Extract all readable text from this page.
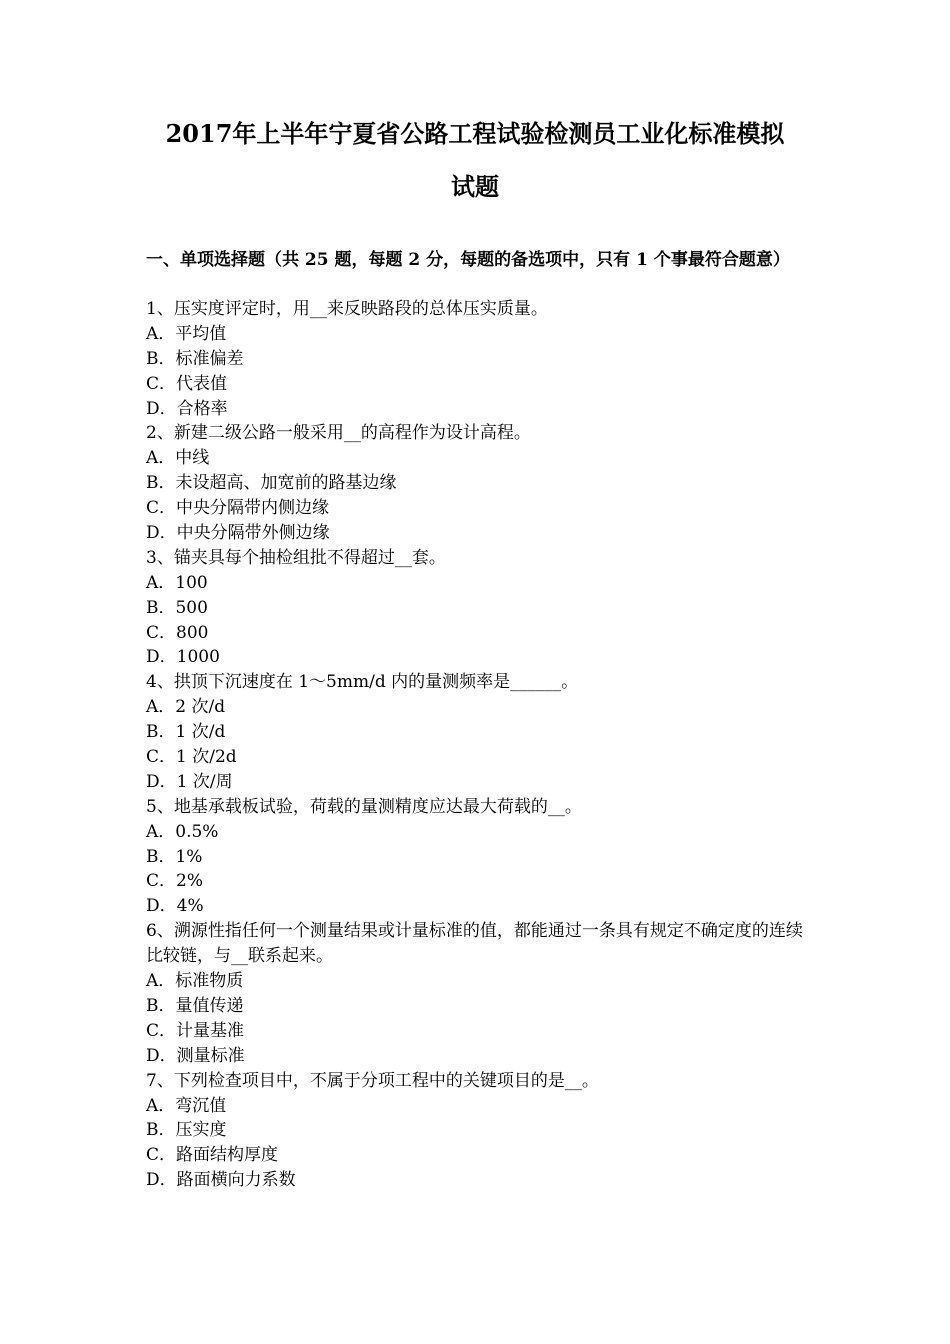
2017年上半年宁夏省公路工程试验检测员工业化标准模拟
试题
一、单项选择题（共 25 题，每题 2 分，每题的备选项中，只有 1 个事最符合题意）
1、压实度评定时，用__来反映路段的总体压实质量。
A．平均值
B．标准偏差
C．代表值
D．合格率
2、新建二级公路一般采用__的高程作为设计高程。
A．中线
B．未设超高、加宽前的路基边缘
C．中央分隔带内侧边缘
D．中央分隔带外侧边缘
3、锚夹具每个抽检组批不得超过__套。
A．100
B．500
C．800
D．1000
4、拱顶下沉速度在 1～5mm/d 内的量测频率是______。
A．2 次/d
B．1 次/d
C．1 次/2d
D．1 次/周
5、地基承载板试验，荷载的量测精度应达最大荷载的__。
A．0.5%
B．1%
C．2%
D．4%
6、溯源性指任何一个测量结果或计量标准的值，都能通过一条具有规定不确定度的连续比较链，与__联系起来。
A．标准物质
B．量值传递
C．计量基准
D．测量标准
7、下列检查项目中，不属于分项工程中的关键项目的是__。
A．弯沉值
B．压实度
C．路面结构厚度
D．路面横向力系数
